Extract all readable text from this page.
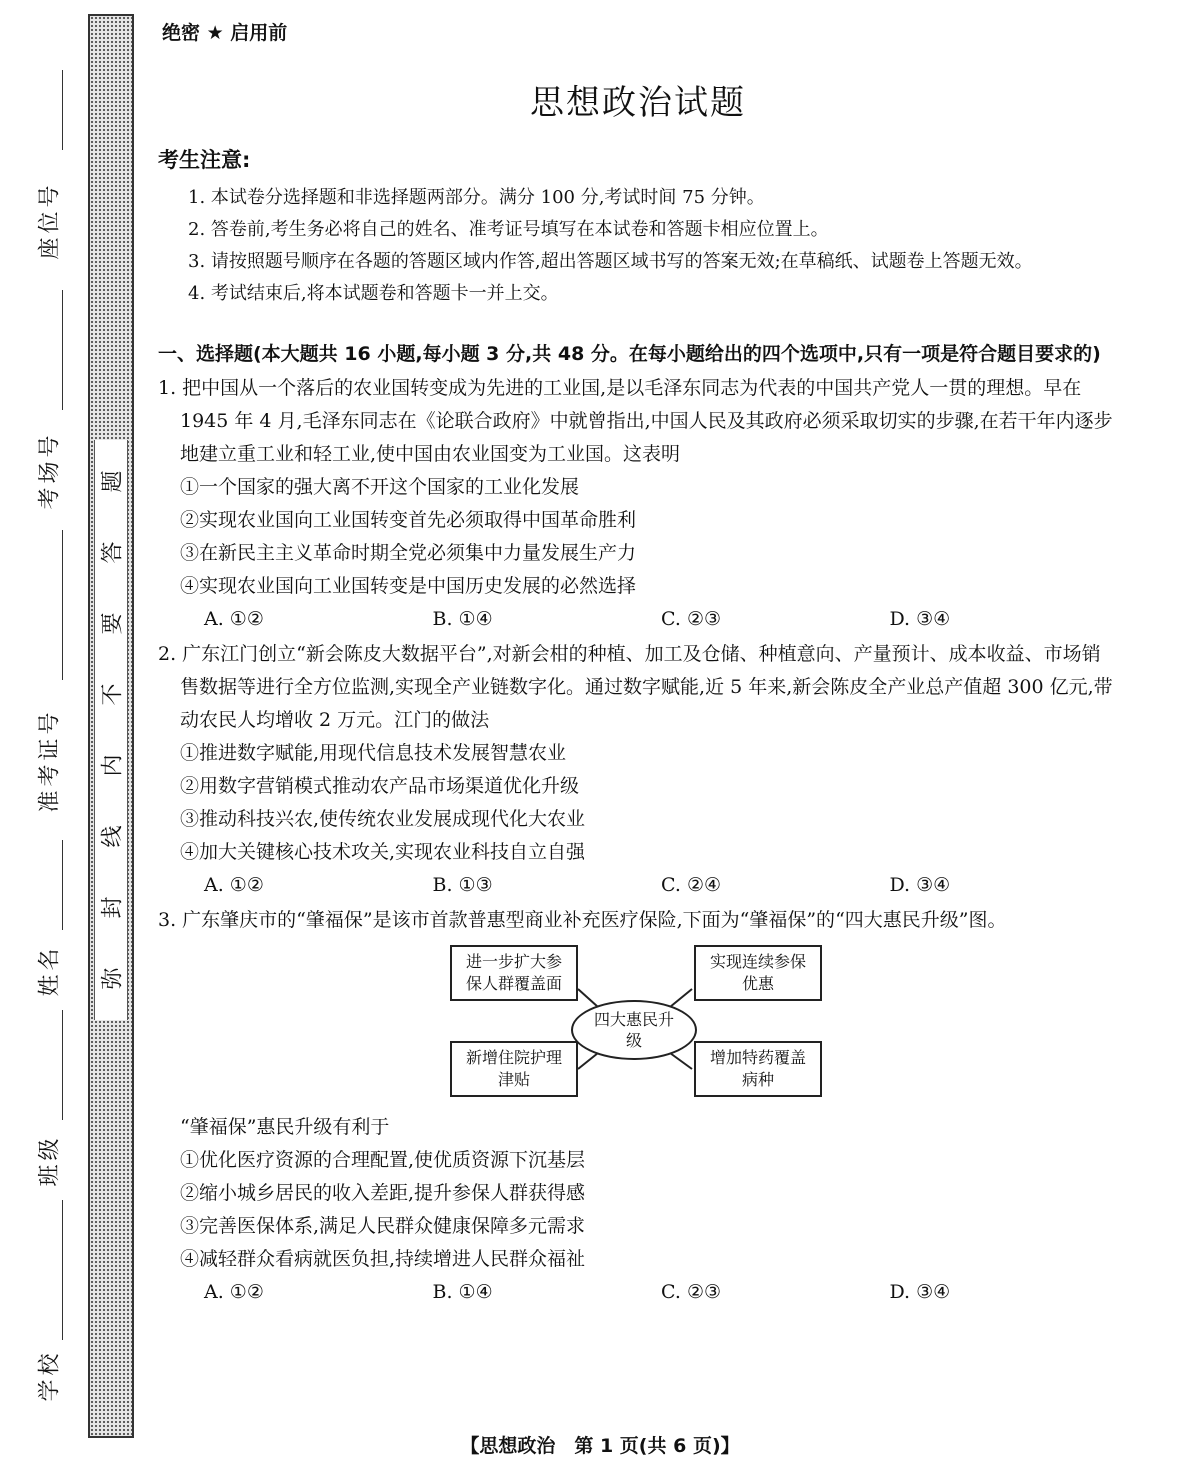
座位号
考场号
准考证号
姓名
班级
学校
题
答
要
不
内
线
封
弥
绝密 ★ 启用前
思想政治试题
考生注意:

1. 本试卷分选择题和非选择题两部分。满分 100 分,考试时间 75 分钟。

2. 答卷前,考生务必将自己的姓名、准考证号填写在本试卷和答题卡相应位置上。

3. 请按照题号顺序在各题的答题区域内作答,超出答题区域书写的答案无效;在草稿纸、试题卷上答题无效。

4. 考试结束后,将本试题卷和答题卡一并上交。

一、选择题(本大题共 16 小题,每小题 3 分,共 48 分。在每小题给出的四个选项中,只有一项是符合题目要求的)
1. 把中国从一个落后的农业国转变成为先进的工业国,是以毛泽东同志为代表的中国共产党人一贯的理想。早在 1945 年 4 月,毛泽东同志在《论联合政府》中就曾指出,中国人民及其政府必须采取切实的步骤,在若干年内逐步地建立重工业和轻工业,使中国由农业国变为工业国。这表明
①一个国家的强大离不开这个国家的工业化发展
②实现农业国向工业国转变首先必须取得中国革命胜利
③在新民主主义革命时期全党必须集中力量发展生产力
④实现农业国向工业国转变是中国历史发展的必然选择
A. ①②	B. ①④	C. ②③	D. ③④
2. 广东江门创立“新会陈皮大数据平台”,对新会柑的种植、加工及仓储、种植意向、产量预计、成本收益、市场销售数据等进行全方位监测,实现全产业链数字化。通过数字赋能,近 5 年来,新会陈皮全产业总产值超 300 亿元,带动农民人均增收 2 万元。江门的做法
①推进数字赋能,用现代信息技术发展智慧农业
②用数字营销模式推动农产品市场渠道优化升级
③推动科技兴农,使传统农业发展成现代化大农业
④加大关键核心技术攻关,实现农业科技自立自强
A. ①②	B. ①③	C. ②④	D. ③④
3. 广东肇庆市的“肇福保”是该市首款普惠型商业补充医疗保险,下面为“肇福保”的“四大惠民升级”图。
进一步扩大参保人群覆盖面
实现连续参保优惠
新增住院护理津贴
增加特药覆盖病种
四大惠民升级
“肇福保”惠民升级有利于
①优化医疗资源的合理配置,使优质资源下沉基层
②缩小城乡居民的收入差距,提升参保人群获得感
③完善医保体系,满足人民群众健康保障多元需求
④减轻群众看病就医负担,持续增进人民群众福祉
A. ①②	B. ①④	C. ②③	D. ③④
【思想政治　第 1 页(共 6 页)】
